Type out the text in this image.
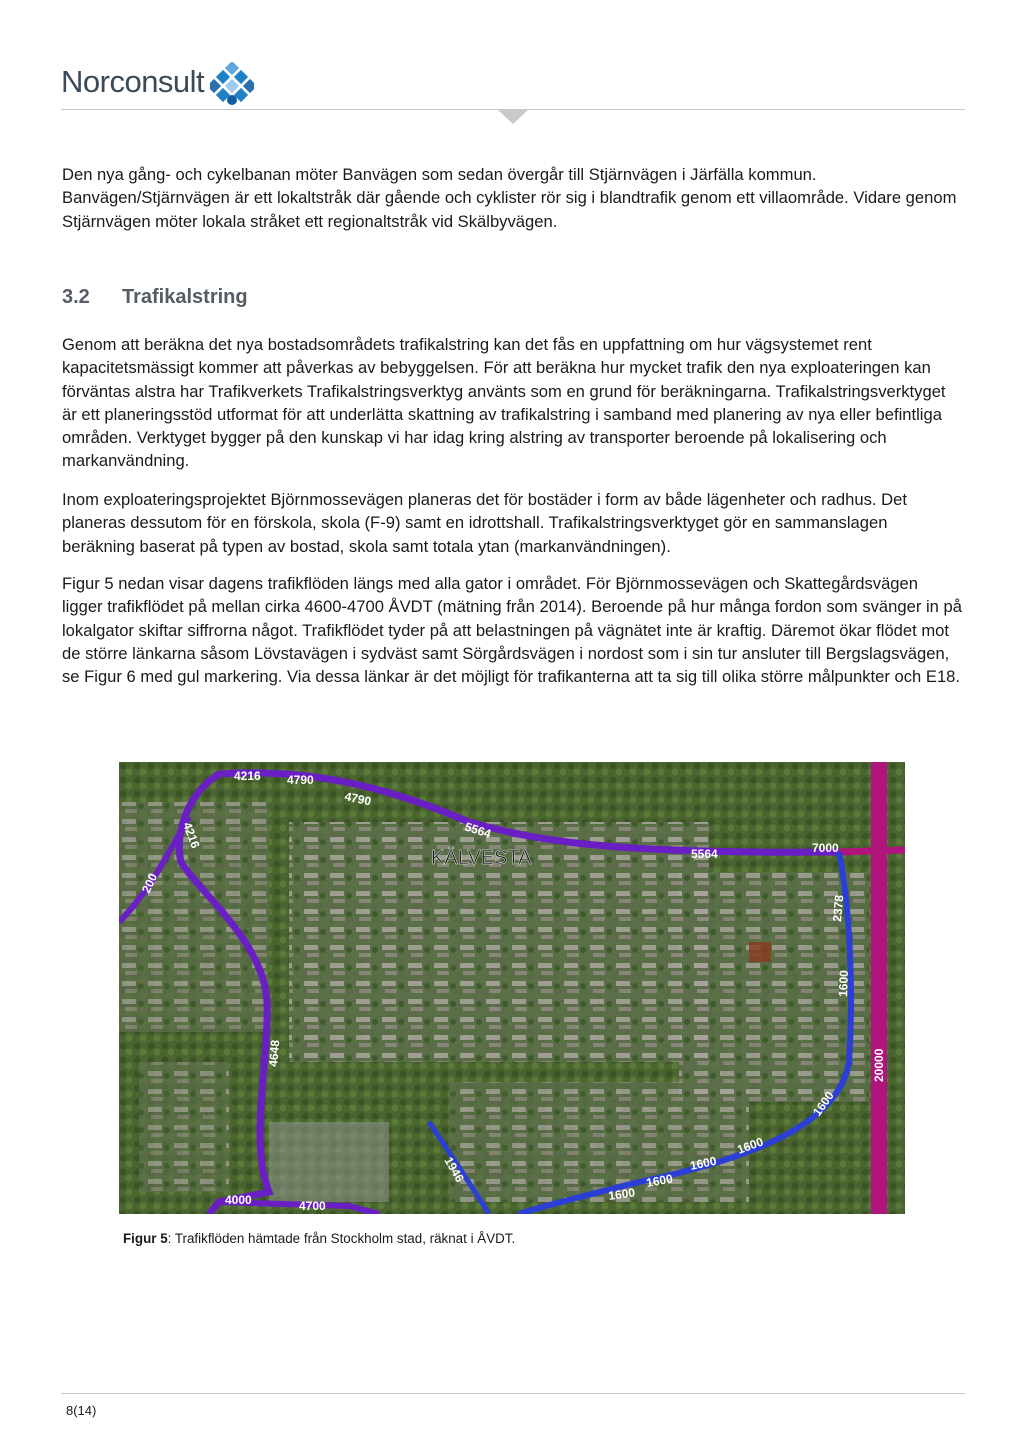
Norconsult

Den nya gång- och cykelbanan möter Banvägen som sedan övergår till Stjärnvägen i Järfälla kommun. Banvägen/Stjärnvägen är ett lokaltstråk där gående och cyklister rör sig i blandtrafik genom ett villaområde. Vidare genom Stjärnvägen möter lokala stråket ett regionaltstråk vid Skälbyvägen.

3.2 Trafikalstring

Genom att beräkna det nya bostadsområdets trafikalstring kan det fås en uppfattning om hur vägsystemet rent kapacitetsmässigt kommer att påverkas av bebyggelsen. För att beräkna hur mycket trafik den nya exploateringen kan förväntas alstra har Trafikverkets Trafikalstringsverktyg använts som en grund för beräkningarna. Trafikalstringsverktyget är ett planeringsstöd utformat för att underlätta skattning av trafikalstring i samband med planering av nya eller befintliga områden. Verktyget bygger på den kunskap vi har idag kring alstring av transporter beroende på lokalisering och markanvändning.

Inom exploateringsprojektet Björnmossevägen planeras det för bostäder i form av både lägenheter och radhus. Det planeras dessutom för en förskola, skola (F-9) samt en idrottshall. Trafikalstringsverktyget gör en sammanslagen beräkning baserat på typen av bostad, skola samt totala ytan (markanvändningen).

Figur 5 nedan visar dagens trafikflöden längs med alla gator i området. För Björnmossevägen och Skattegårdsvägen ligger trafikflödet på mellan cirka 4600-4700 ÅVDT (mätning från 2014). Beroende på hur många fordon som svänger in på lokalgator skiftar siffrorna något. Trafikflödet tyder på att belastningen på vägnätet inte är kraftig. Däremot ökar flödet mot de större länkarna såsom Lövstavägen i sydväst samt Sörgårdsvägen i nordost som i sin tur ansluter till Bergslagsvägen, se Figur 6 med gul markering. Via dessa länkar är det möjligt för trafikanterna att ta sig till olika större målpunkter och E18.

4216 4790
4790
5564
5564	7000
4216
200
2378
1600
20000
4648
1600
1946
1600
1600
1600
1600
4000	4700
KÄLVESTA
Figur 5: Trafikflöden hämtade från Stockholm stad, räknat i ÅVDT.
8(14)
